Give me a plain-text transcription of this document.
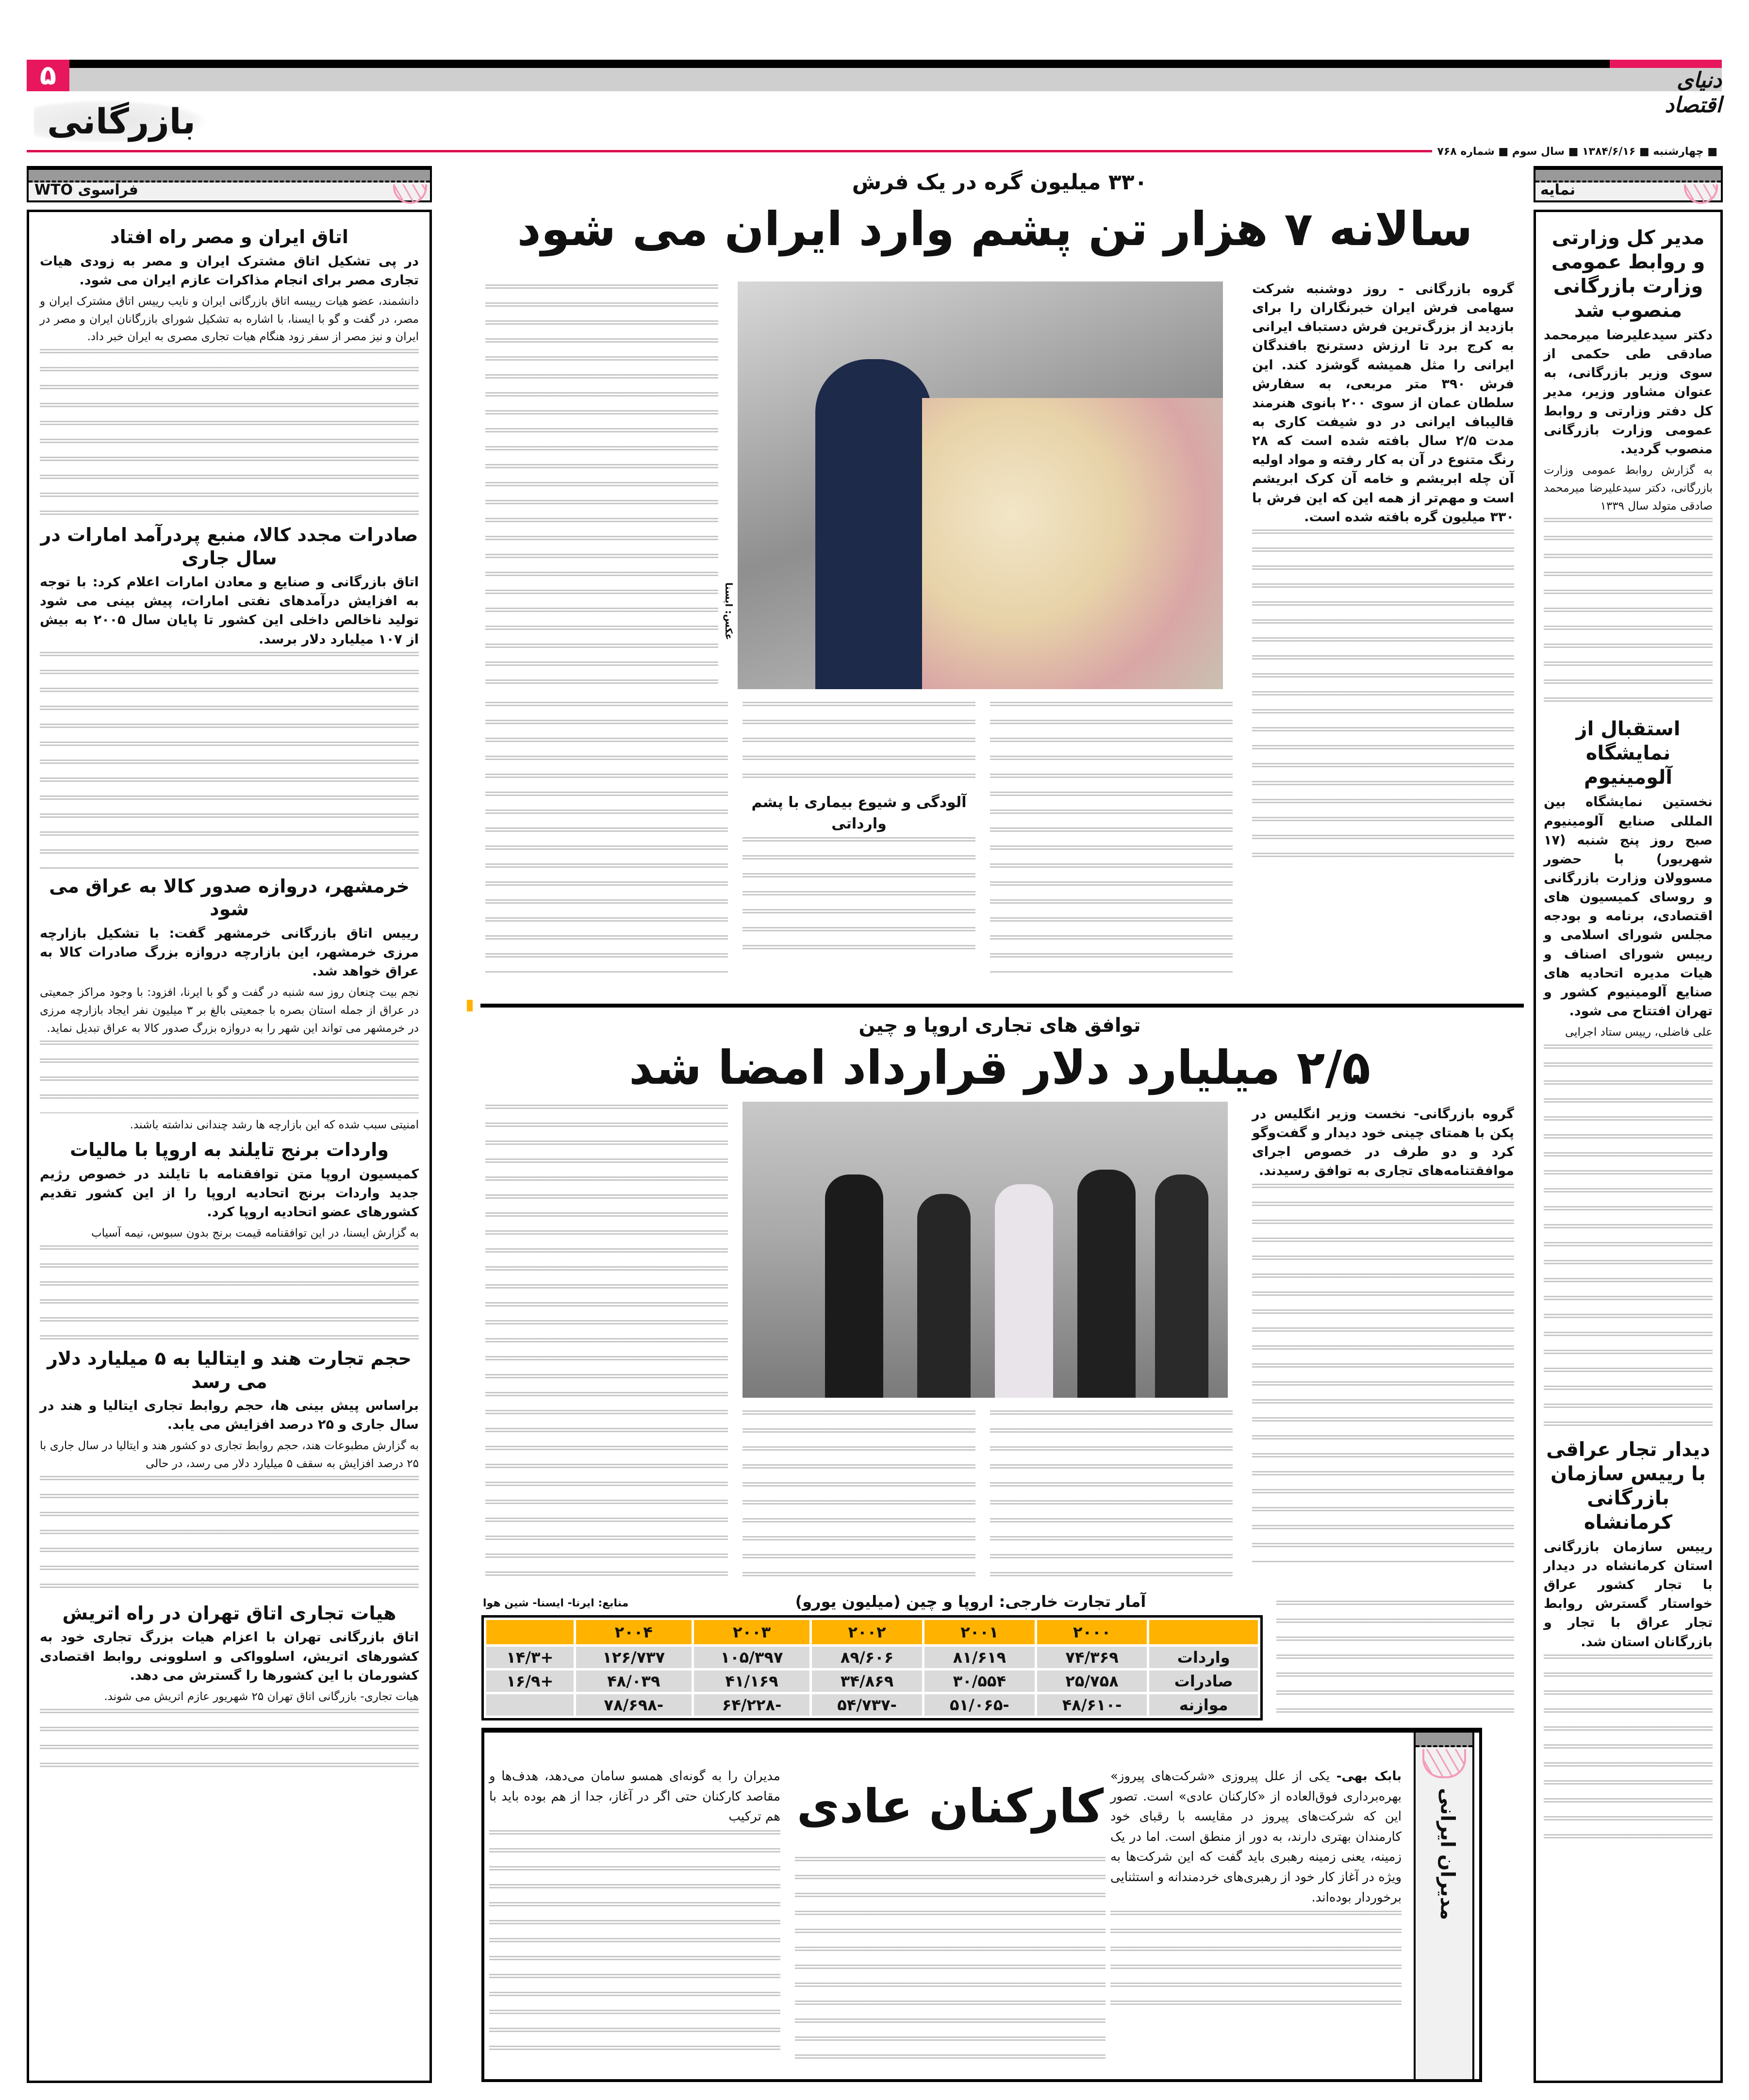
۵	دنیای اقتصاد
بازرگانی
■ چهارشنبه ■ ۱۳۸۴/۶/۱۶ ■ سال سوم ■ شماره ۷۶۸
فراسوی WTO
اتاق ایران و مصر راه افتاد

در پی تشکیل اتاق مشترک ایران و مصر به زودی هیات تجاری مصر برای انجام مذاکرات عازم ایران می شود.

دانشمند، عضو هیات رییسه اتاق بازرگانی ایران و نایب رییس اتاق مشترک ایران و مصر، در گفت و گو با ایسنا، با اشاره به تشکیل شورای بازرگانان ایران و مصر در ایران و نیز مصر از سفر زود هنگام هیات تجاری مصری به ایران خبر داد.

صادرات مجدد کالا، منبع پردرآمد امارات در سال جاری

اتاق بازرگانی و صنایع و معادن امارات اعلام کرد: با توجه به افزایش درآمدهای نفتی امارات، پیش بینی می شود تولید ناخالص داخلی این کشور تا پایان سال ۲۰۰۵ به بیش از ۱۰۷ میلیارد دلار برسد.

خرمشهر، دروازه صدور کالا به عراق می شود

رییس اتاق بازرگانی خرمشهر گفت: با تشکیل بازارچه مرزی خرمشهر، این بازارچه دروازه بزرگ صادرات کالا به عراق خواهد شد.

نجم بیت چنعان روز سه شنبه در گفت و گو با ایرنا، افزود: با وجود مراکز جمعیتی در عراق از جمله استان بصره با جمعیتی بالغ بر ۳ میلیون نفر ایجاد بازارچه مرزی در خرمشهر می تواند این شهر را به دروازه بزرگ صدور کالا به عراق تبدیل نماید.

امنیتی سبب شده که این بازارچه ها رشد چندانی نداشته باشند.

واردات برنج تایلند به اروپا با مالیات

کمیسیون اروپا متن توافقنامه با تایلند در خصوص رژیم جدید واردات برنج اتحادیه اروپا را از این کشور تقدیم کشورهای عضو اتحادیه اروپا کرد.

به گزارش ایسنا، در این توافقنامه قیمت برنج بدون سبوس، نیمه آسیاب

حجم تجارت هند و ایتالیا به ۵ میلیارد دلار می رسد

براساس پیش بینی ها، حجم روابط تجاری ایتالیا و هند در سال جاری و ۲۵ درصد افزایش می یابد.

به گزارش مطبوعات هند، حجم روابط تجاری دو کشور هند و ایتالیا در سال جاری با ۲۵ درصد افزایش به سقف ۵ میلیارد دلار می رسد، در حالی

هیات تجاری اتاق تهران در راه اتریش

اتاق بازرگانی تهران با اعزام هیات بزرگ تجاری خود به کشورهای اتریش، اسلوواکی و اسلوونی روابط اقتصادی کشورمان با این کشورها را گسترش می دهد.

هیات تجاری- بازرگانی اتاق تهران ۲۵ شهریور عازم اتریش می شوند.

نمایه
مدیر کل وزارتی و روابط عمومی وزارت بازرگانی منصوب شد

دکتر سیدعلیرضا میرمحمد صادقی طی حکمی از سوی وزیر بازرگانی، به عنوان مشاور وزیر، مدیر کل دفتر وزارتی و روابط عمومی وزارت بازرگانی منصوب گردید.

به گزارش روابط عمومی وزارت بازرگانی، دکتر سیدعلیرضا میرمحمد صادقی متولد سال ۱۳۳۹

استقبال از نمایشگاه آلومینیوم

نخستین نمایشگاه بین المللی صنایع آلومینیوم صبح روز پنج شنبه (۱۷ شهریور) با حضور مسوولان وزارت بازرگانی و روسای کمیسیون های اقتصادی، برنامه و بودجه مجلس شورای اسلامی و رییس شورای اصناف و هیات مدیره اتحادیه های صنایع آلومینیوم کشور و تهران افتتاح می شود.

علی فاضلی، رییس ستاد اجرایی

دیدار تجار عراقی با رییس سازمان بازرگانی کرمانشاه

رییس سازمان بازرگانی استان کرمانشاه در دیدار با تجار کشور عراق خواستار گسترش روابط تجار عراق با تجار و بازرگانان استان شد.

۳۳۰ میلیون گره در یک فرش
سالانه ۷ هزار تن پشم وارد ایران می شود

گروه بازرگانی - روز دوشنبه شرکت سهامی فرش ایران خبرنگاران را برای بازدید از بزرگ‌ترین فرش دستباف ایرانی به کرج برد تا ارزش دسترنج بافندگان ایرانی را مثل همیشه گوشزد کند. این فرش ۳۹۰ متر مربعی، به سفارش سلطان عمان از سوی ۲۰۰ بانوی هنرمند قالیباف ایرانی در دو شیفت کاری به مدت ۲/۵ سال بافته شده است که ۲۸ رنگ متنوع در آن به کار رفته و مواد اولیه آن چله ابریشم و خامه آن کرک ابریشم است و مهم‌تر از همه این که این فرش با ۳۳۰ میلیون گره بافته شده است.

عکس: ایسنا
آلودگی و شیوع بیماری با پشم وارداتی
توافق های تجاری اروپا و چین
۲/۵ میلیارد دلار قرارداد امضا شد

گروه بازرگانی- نخست وزیر انگلیس در پکن با همتای چینی خود دیدار و گفت‌وگو کرد و دو طرف در خصوص اجرای موافقتنامه‌های تجاری به توافق رسیدند.

آمار تجارت خارجی: اروپا و چین (میلیون یورو)
منابع: ایرنا- ایسنا- شین هوا
	۲۰۰۰	۲۰۰۱	۲۰۰۲	۲۰۰۳	۲۰۰۴	
واردات	۷۴/۳۶۹	۸۱/۶۱۹	۸۹/۶۰۶	۱۰۵/۳۹۷	۱۲۶/۷۳۷	+۱۴/۳
صادرات	۲۵/۷۵۸	۳۰/۵۵۴	۳۴/۸۶۹	۴۱/۱۶۹	۴۸/۰۳۹	+۱۶/۹
موازنه	-۴۸/۶۱۰	-۵۱/۰۶۵	-۵۴/۷۳۷	-۶۴/۲۲۸	-۷۸/۶۹۸	
مدیران ایرانی

بابک بهی- یکی از علل پیروزی «شرکت‌های پیروز» بهره‌برداری فوق‌العاده از «کارکنان عادی» است. تصور این که شرکت‌های پیروز در مقایسه با رقبای خود کارمندان بهتری دارند، به دور از منطق است. اما در یک زمینه، یعنی زمینه رهبری باید گفت که این شرکت‌ها به ویژه در آغاز کار خود از رهبری‌های خردمندانه و استثنایی برخوردار بوده‌اند.

کارکنان عادی

مدیران را به گونه‌ای همسو سامان می‌دهد، هدف‌ها و مقاصد کارکنان حتی اگر در آغاز، جدا از هم بوده باید با هم ترکیب
